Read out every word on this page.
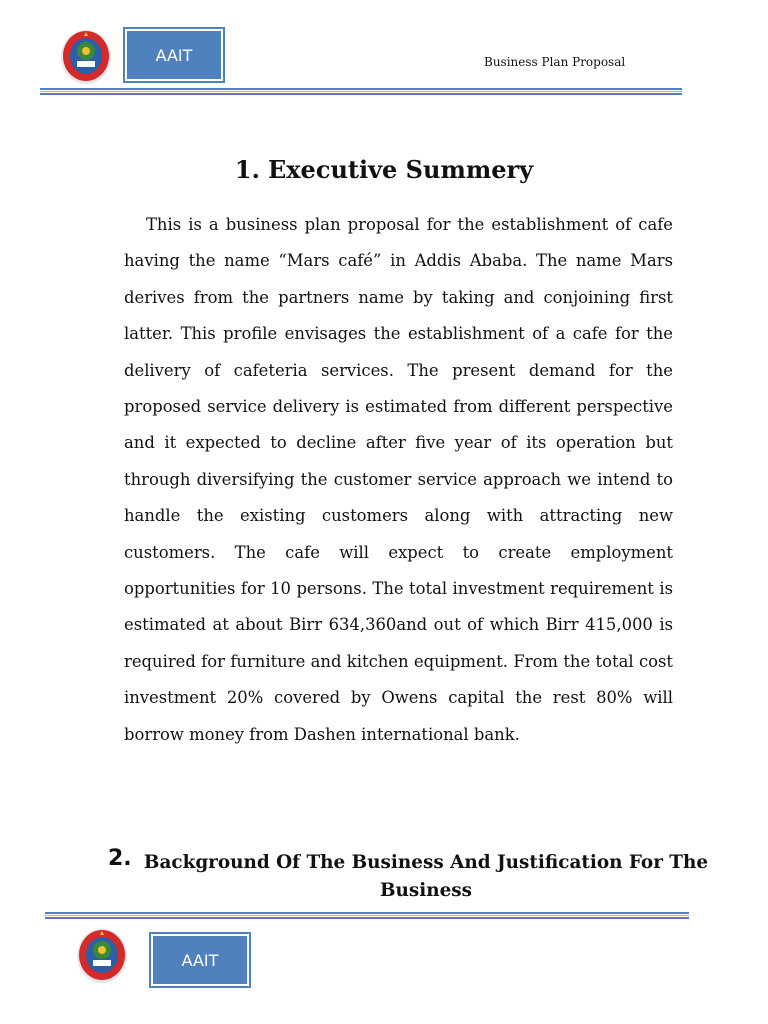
AAIT	Business Plan Proposal
1. Executive Summery

This is a business plan proposal for the establishment of cafe having the name “Mars café” in Addis Ababa. The name Mars derives from the partners name by taking and conjoining first latter. This profile envisages the establishment of a cafe for the delivery of cafeteria services. The present demand for the proposed service delivery is estimated from different perspective and it expected to decline after five year of its operation but through diversifying the customer service approach we intend to handle the existing customers along with attracting new customers. The cafe will expect to create employment opportunities for 10 persons. The total investment requirement is estimated at about Birr 634,360and out of which Birr 415,000 is required for furniture and kitchen equipment. From the total cost investment 20% covered by Owens capital the rest 80% will borrow money from Dashen international bank.

2. Background Of The Business And Justification For The Business
AAIT
